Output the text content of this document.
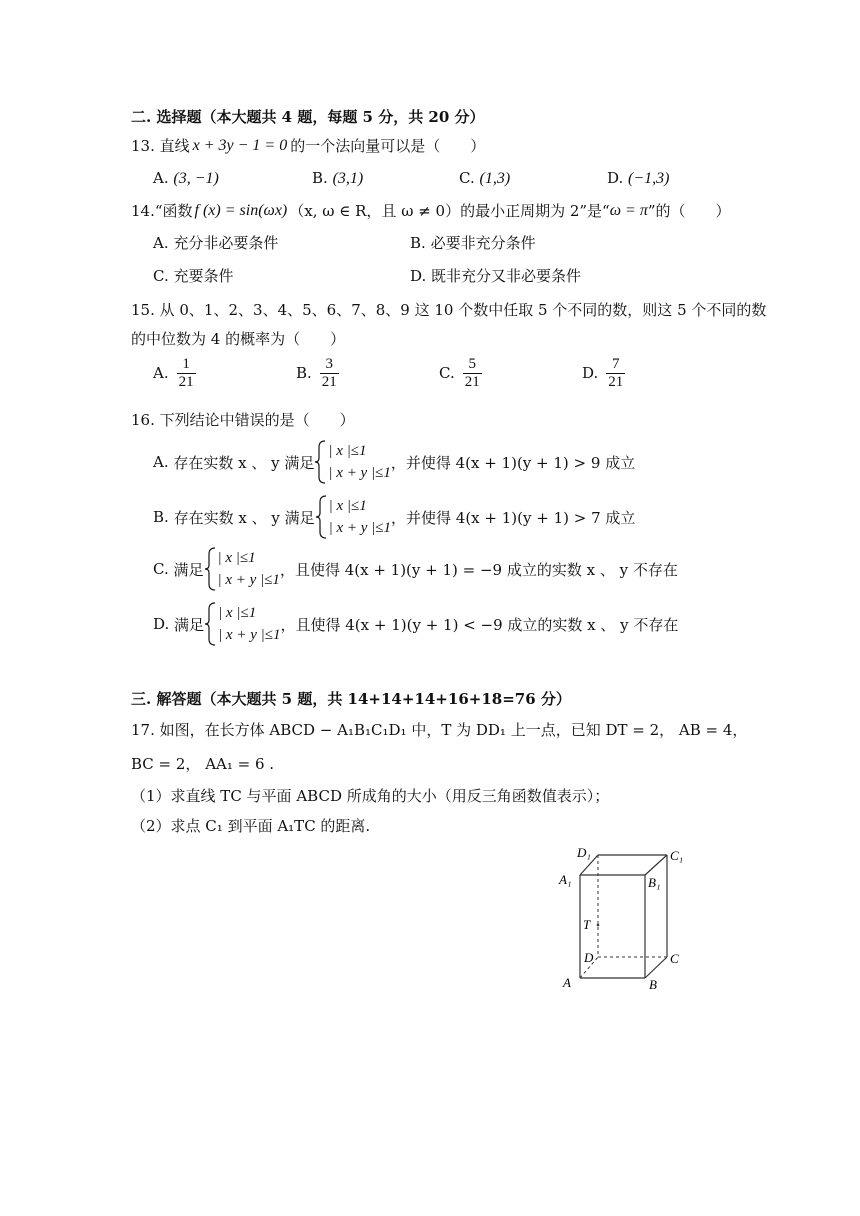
二. 选择题（本大题共 4 题，每题 5 分，共 20 分）
13. 直线 x + 3y − 1 = 0 的一个法向量可以是（　　）
A. (3, −1)	B. (3,1)	C. (1,3)	D. (−1,3)
14.“函数 f (x) = sin(ωx) （x, ω ∈ R，且 ω ≠ 0） 的最小正周期为 2”是“ ω = π ”的（　　）
A. 充分非必要条件	B. 必要非充分条件
C. 充要条件	D. 既非充分又非必要条件
15. 从 0、1、2、3、4、5、6、7、8、9 这 10 个数中任取 5 个不同的数，则这 5 个不同的数
的中位数为 4 的概率为（　　）
A. $\frac{1}{21}$	B. $\frac{3}{21}$	C. $\frac{5}{21}$	D. $\frac{7}{21}$
16. 下列结论中错误的是（　　）
A.
存在实数 x 、 y 满足
| x |≤1
| x + y |≤1
，并使得 4(x + 1)(y + 1) > 9 成立
B.
存在实数 x 、 y 满足
| x |≤1
| x + y |≤1
，并使得 4(x + 1)(y + 1) > 7 成立
C.
满足
| x |≤1
| x + y |≤1
，且使得 4(x + 1)(y + 1) = −9 成立的实数 x 、 y 不存在
D.
满足
| x |≤1
| x + y |≤1
，且使得 4(x + 1)(y + 1) < −9 成立的实数 x 、 y 不存在
三. 解答题（本大题共 5 题，共 14+14+14+16+18=76 分）
17. 如图，在长方体 ABCD − A₁B₁C₁D₁ 中，T 为 DD₁ 上一点，已知 DT = 2， AB = 4，
BC = 2， AA₁ = 6 .
（1）求直线 TC 与平面 ABCD 所成角的大小（用反三角函数值表示）；
（2）求点 C₁ 到平面 A₁TC 的距离.
D₁	C₁
A₁	B₁
T
D	C
A	B
